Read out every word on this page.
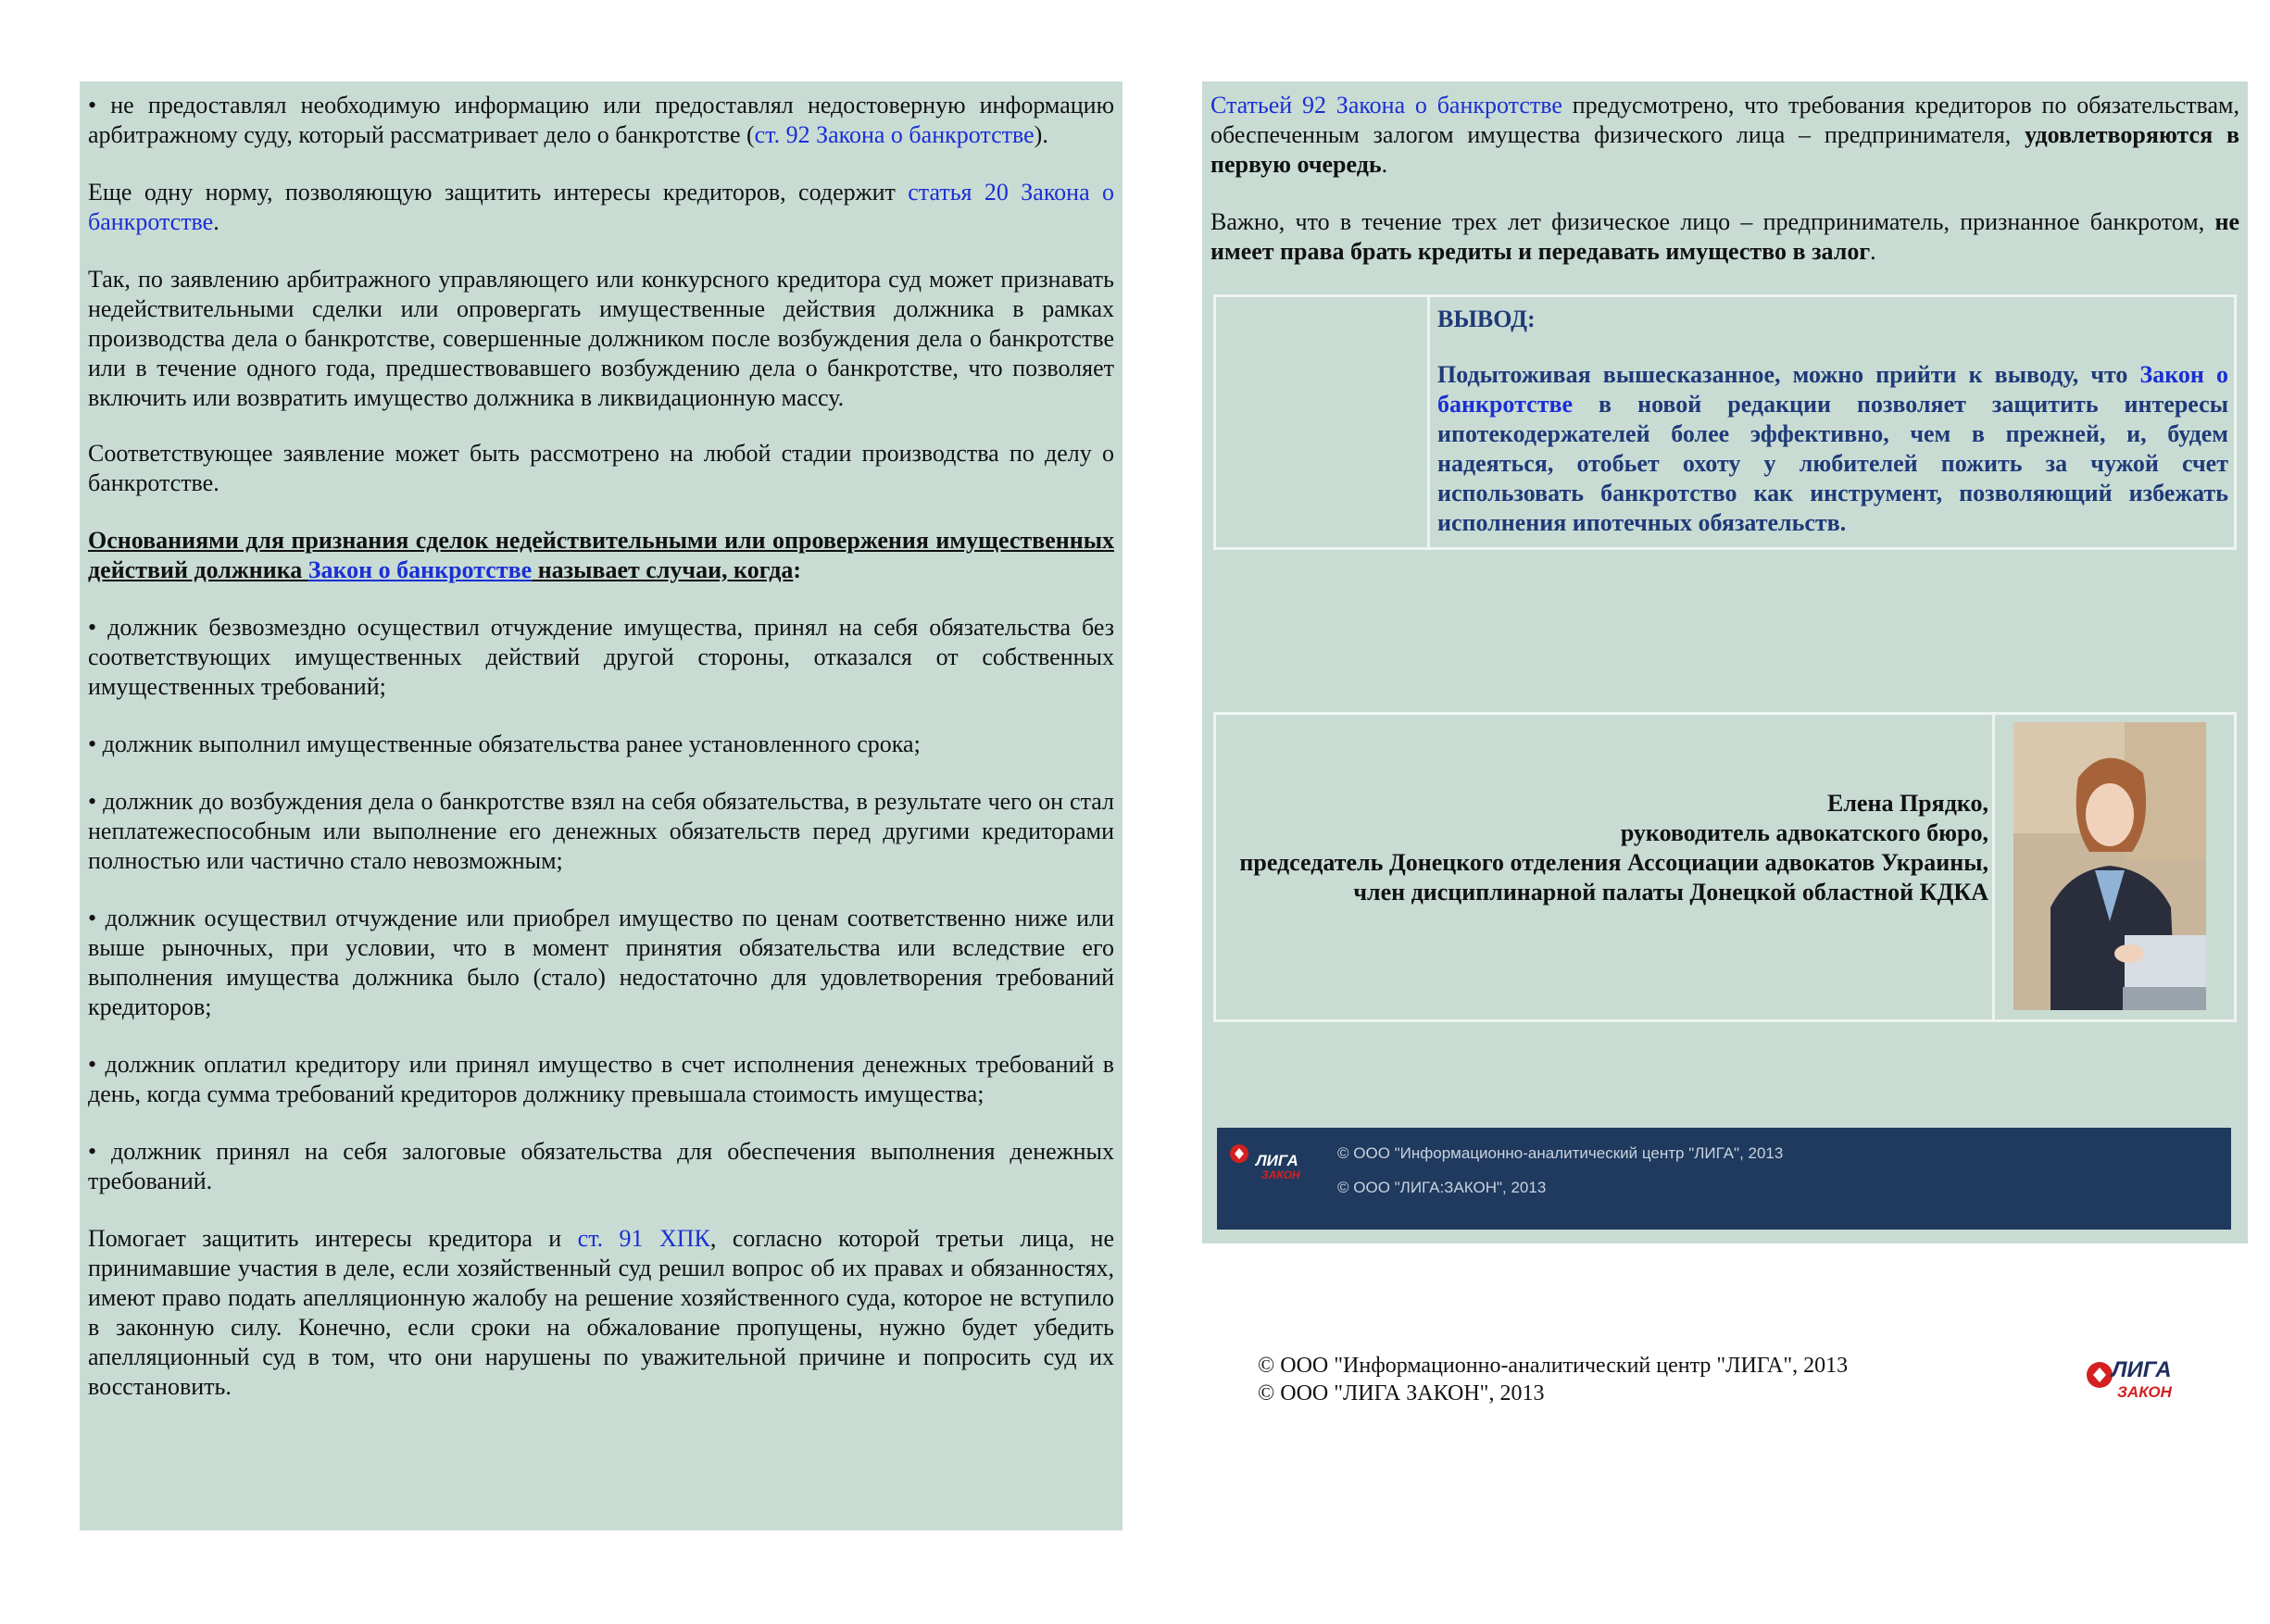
• не предоставлял необходимую информацию или предоставлял недостоверную информацию арбитражному суду, который рассматривает дело о банкротстве (ст. 92 Закона о банкротстве).

Еще одну норму, позволяющую защитить интересы кредиторов, содержит статья 20 Закона о банкротстве.

Так, по заявлению арбитражного управляющего или конкурсного кредитора суд может признавать недействительными сделки или опровергать имущественные действия должника в рамках производства дела о банкротстве, совершенные должником после возбуждения дела о банкротстве или в течение одного года, предшествовавшего возбуждению дела о банкротстве, что позволяет включить или возвратить имущество должника в ликвидационную массу.

Соответствующее заявление может быть рассмотрено на любой стадии производства по делу о банкротстве.

Основаниями для признания сделок недействительными или опровержения имущественных действий должника Закон о банкротстве называет случаи, когда:

• должник безвозмездно осуществил отчуждение имущества, принял на себя обязательства без соответствующих имущественных действий другой стороны, отказался от собственных имущественных требований;

• должник выполнил имущественные обязательства ранее установленного срока;

• должник до возбуждения дела о банкротстве взял на себя обязательства, в результате чего он стал неплатежеспособным или выполнение его денежных обязательств перед другими кредиторами полностью или частично стало невозможным;

• должник осуществил отчуждение или приобрел имущество по ценам соответственно ниже или выше рыночных, при условии, что в момент принятия обязательства или вследствие его выполнения имущества должника было (стало) недостаточно для удовлетворения требований кредиторов;

• должник оплатил кредитору или принял имущество в счет исполнения денежных требований в день, когда сумма требований кредиторов должнику превышала стоимость имущества;

• должник принял на себя залоговые обязательства для обеспечения выполнения денежных требований.

Помогает защитить интересы кредитора и ст. 91 ХПК, согласно которой третьи лица, не принимавшие участия в деле, если хозяйственный суд решил вопрос об их правах и обязанностях, имеют право подать апелляционную жалобу на решение хозяйственного суда, которое не вступило в законную силу. Конечно, если сроки на обжалование пропущены, нужно будет убедить апелляционный суд в том, что они нарушены по уважительной причине и попросить суд их восстановить.

Статьей 92 Закона о банкротстве предусмотрено, что требования кредиторов по обязательствам, обеспеченным залогом имущества физического лица – предпринимателя, удовлетворяются в первую очередь.

Важно, что в течение трех лет физическое лицо – предприниматель, признанное банкротом, не имеет права брать кредиты и передавать имущество в залог.

ВЫВОД:

Подытоживая вышесказанное, можно прийти к выводу, что Закон о банкротстве в новой редакции позволяет защитить интересы ипотекодержателей более эффективно, чем в прежней, и, будем надеяться, отобьет охоту у любителей пожить за чужой счет использовать банкротство как инструмент, позволяющий избежать исполнения ипотечных обязательств.

Елена Прядко,

руководитель адвокатского бюро,

председатель Донецкого отделения Ассоциации адвокатов Украины,

член дисциплинарной палаты Донецкой областной КДКА

ЛИГА
ЗАКОН
© ООО "Информационно-аналитический центр "ЛИГА", 2013
© ООО "ЛИГА:ЗАКОН", 2013
© ООО "Информационно-аналитический центр "ЛИГА", 2013
© ООО "ЛИГА ЗАКОН", 2013
ЛИГА
ЗАКОН
